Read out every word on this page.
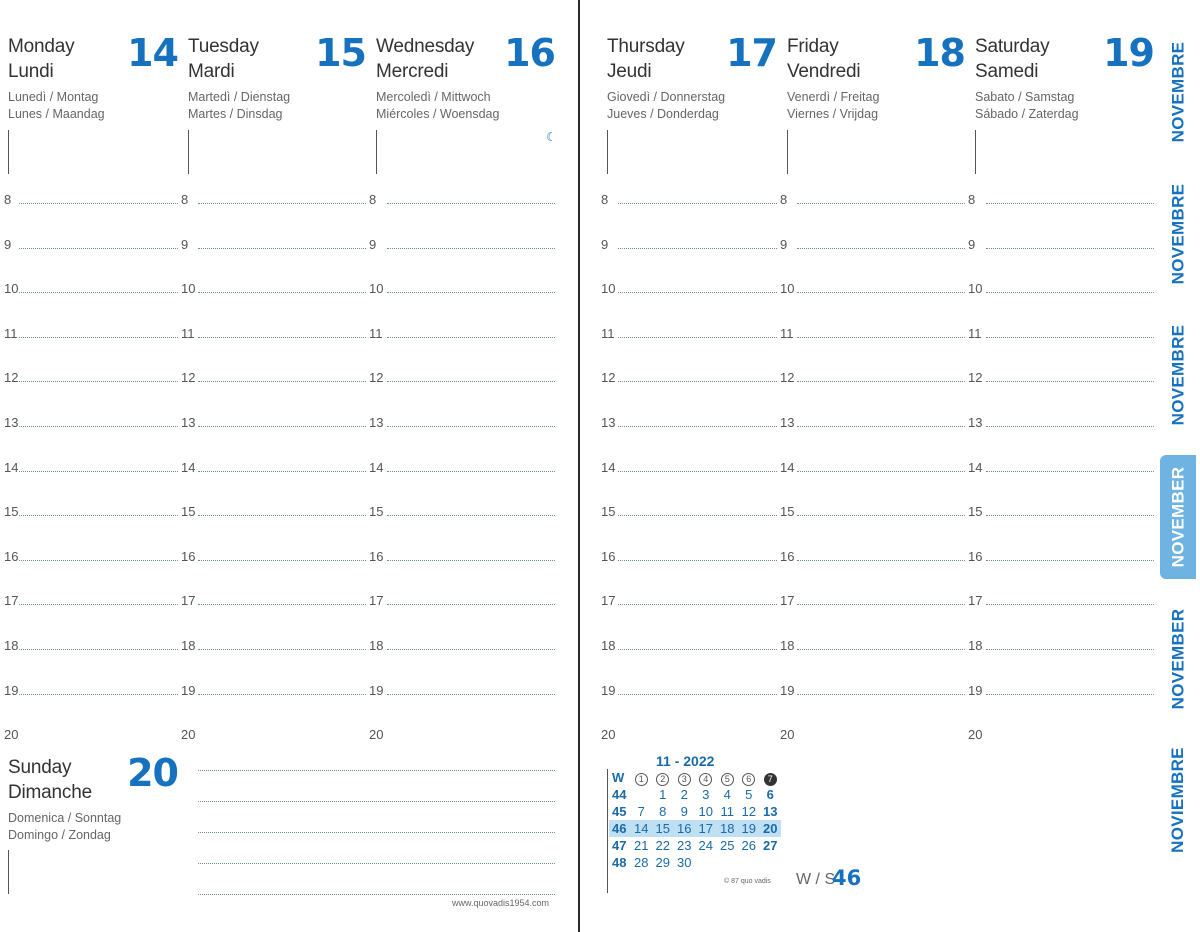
Monday
Lundi	14
Lunedì / Montag
Lunes / Maandag
Tuesday
Mardi	15
Martedì / Dienstag
Martes / Dinsdag
Wednesday
Mercredi	16
Mercoledì / Mittwoch
Miércoles / Woensdag
☾
Thursday
Jeudi	17
Giovedì / Donnerstag
Jueves / Donderdag
Friday
Vendredi	18
Venerdì / Freitag
Viernes / Vrijdag
Saturday
Samedi	19
Sabato / Samstag
Sábado / Zaterdag
8	8	8	8	8	8
9	9	9	9	9	9
10	10	10	10	10	10
11	11	11	11	11	11
12	12	12	12	12	12
13	13	13	13	13	13
14	14	14	14	14	14
15	15	15	15	15	15
16	16	16	16	16	16
17	17	17	17	17	17
18	18	18	18	18	18
19	19	19	19	19	19
20	20	20	20	20	20
Sunday
Dimanche 20
Domenica / Sonntag
Domingo / Zondag
www.quovadis1954.com
NOVEMBRE
NOVEMBRE
NOVEMBRE
NOVEMBER
NOVEMBER
NOVIEMBRE
11 - 2022
W	1	2	3	4	5	6	7
44		1	2	3	4	5	6
45	7	8	9	10	11	12	13
46	14	15	16	17	18	19	20
47	21	22	23	24	25	26	27
48	28	29	30				
© 87 quo vadis W / S
46
